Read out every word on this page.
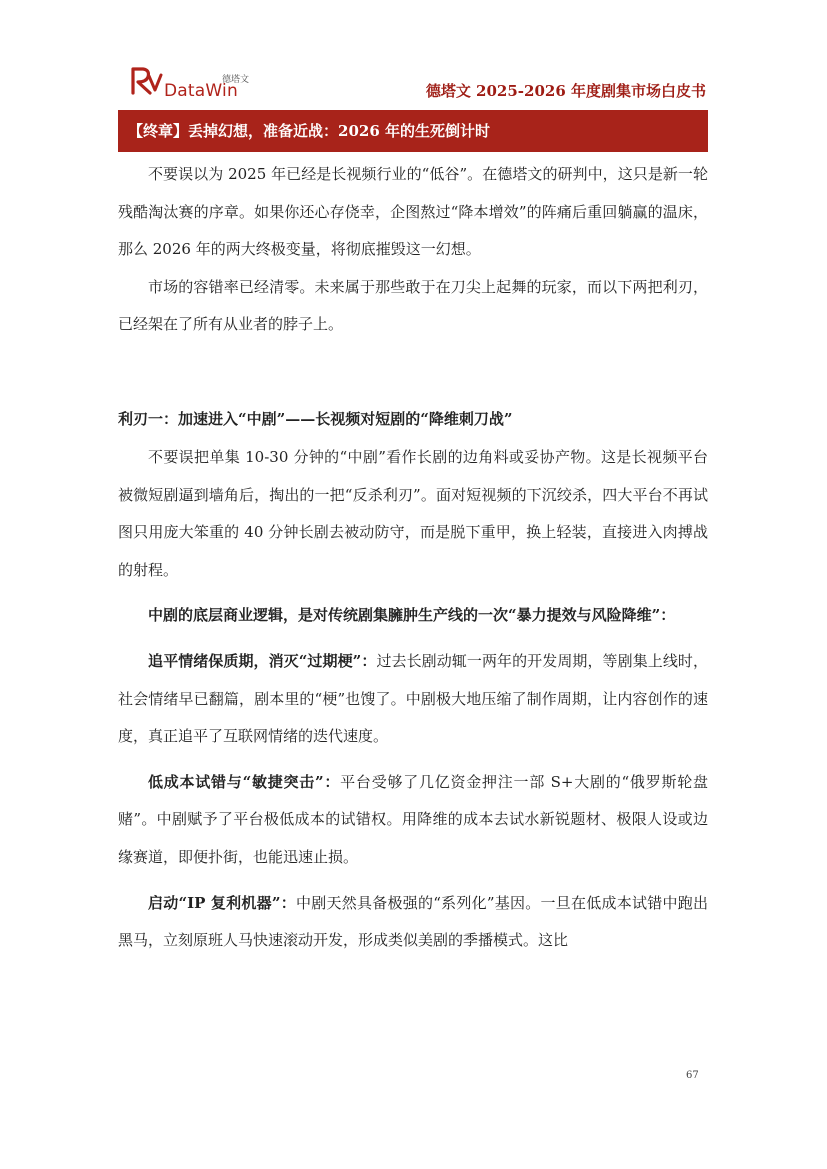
德塔文
DataWin	德塔文 2025-2026 年度剧集市场白皮书
【终章】丢掉幻想，准备近战：2026 年的生死倒计时

不要误以为 2025 年已经是长视频行业的“低谷”。在德塔文的研判中，这只是新一轮残酷淘汰赛的序章。如果你还心存侥幸，企图熬过“降本增效”的阵痛后重回躺赢的温床，那么 2026 年的两大终极变量，将彻底摧毁这一幻想。

市场的容错率已经清零。未来属于那些敢于在刀尖上起舞的玩家，而以下两把利刃，已经架在了所有从业者的脖子上。

利刃一：加速进入“中剧”——长视频对短剧的“降维刺刀战”

不要误把单集 10-30 分钟的“中剧”看作长剧的边角料或妥协产物。这是长视频平台被微短剧逼到墙角后，掏出的一把“反杀利刃”。面对短视频的下沉绞杀，四大平台不再试图只用庞大笨重的 40 分钟长剧去被动防守，而是脱下重甲，换上轻装，直接进入肉搏战的射程。

中剧的底层商业逻辑，是对传统剧集臃肿生产线的一次“暴力提效与风险降维”：

追平情绪保质期，消灭“过期梗”：过去长剧动辄一两年的开发周期，等剧集上线时，社会情绪早已翻篇，剧本里的“梗”也馊了。中剧极大地压缩了制作周期，让内容创作的速度，真正追平了互联网情绪的迭代速度。

低成本试错与“敏捷突击”：平台受够了几亿资金押注一部 S+大剧的“俄罗斯轮盘赌”。中剧赋予了平台极低成本的试错权。用降维的成本去试水新锐题材、极限人设或边缘赛道，即便扑街，也能迅速止损。

启动“IP 复利机器”：中剧天然具备极强的“系列化”基因。一旦在低成本试错中跑出黑马，立刻原班人马快速滚动开发，形成类似美剧的季播模式。这比

67
